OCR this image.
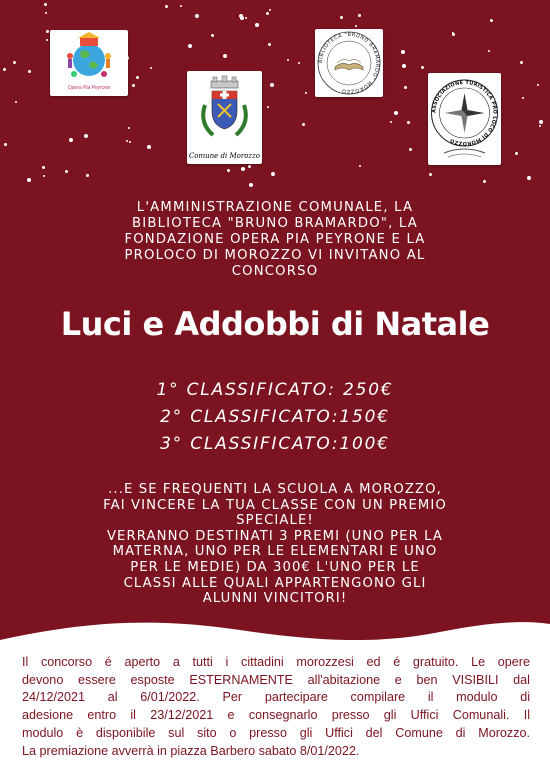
Opera Pia Peyrone
Comune di Morozzo
BIBLIOTECA "BRUNO BRAMARDO" MOROZZO
ASSOCIAZIONE TURISTICA PRO LOCO DI MOROZZO
L'AMMINISTRAZIONE COMUNALE, LA
BIBLIOTECA "BRUNO BRAMARDO", LA
FONDAZIONE OPERA PIA PEYRONE E LA
PROLOCO DI MOROZZO VI INVITANO AL
CONCORSO
Luci e Addobbi di Natale
1° CLASSIFICATO: 250€
2° CLASSIFICATO:150€
3° CLASSIFICATO:100€
...E SE FREQUENTI LA SCUOLA A MOROZZO,
FAI VINCERE LA TUA CLASSE CON UN PREMIO
SPECIALE!
VERRANNO DESTINATI 3 PREMI (UNO PER LA
MATERNA, UNO PER LE ELEMENTARI E UNO
PER LE MEDIE) DA 300€ L'UNO PER LE
CLASSI ALLE QUALI APPARTENGONO GLI
ALUNNI VINCITORI!
Il concorso é aperto a tutti i cittadini morozzesi ed é gratuito. Le opere
devono essere esposte ESTERNAMENTE all'abitazione e ben VISIBILI dal
24/12/2021 al 6/01/2022. Per partecipare compilare il modulo di
adesione entro il 23/12/2021 e consegnarlo presso gli Uffici Comunali. Il
modulo è disponibile sul sito o presso gli Uffici del Comune di Morozzo.
La premiazione avverrà in piazza Barbero sabato 8/01/2022.
